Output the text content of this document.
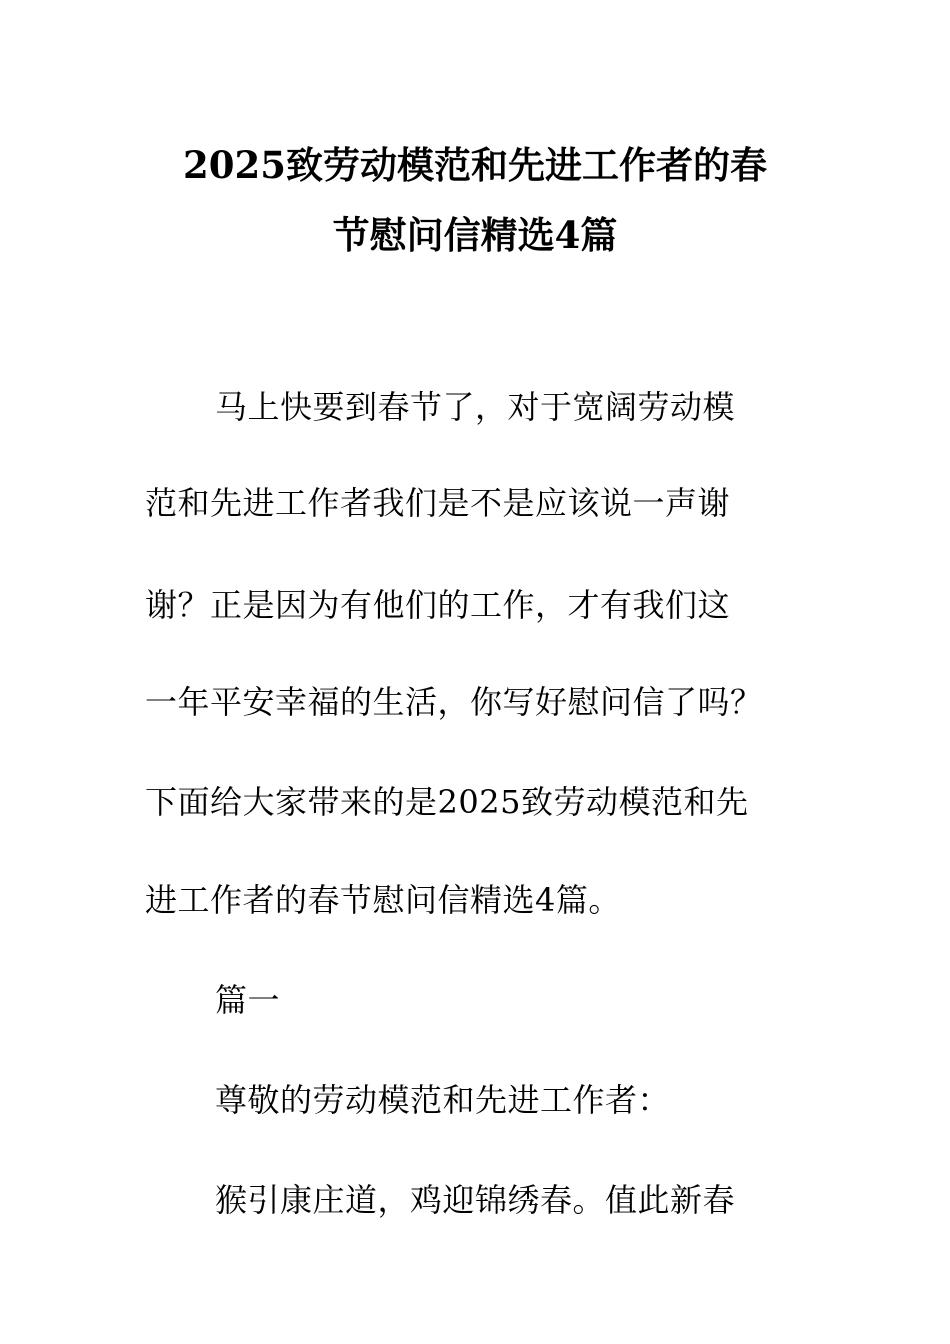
2025致劳动模范和先进工作者的春
节慰问信精选4篇
马上快要到春节了，对于宽阔劳动模
范和先进工作者我们是不是应该说一声谢
谢？正是因为有他们的工作，才有我们这
一年平安幸福的生活，你写好慰问信了吗？
下面给大家带来的是2025致劳动模范和先
进工作者的春节慰问信精选4篇。
篇一
尊敬的劳动模范和先进工作者：
猴引康庄道，鸡迎锦绣春。值此新春
